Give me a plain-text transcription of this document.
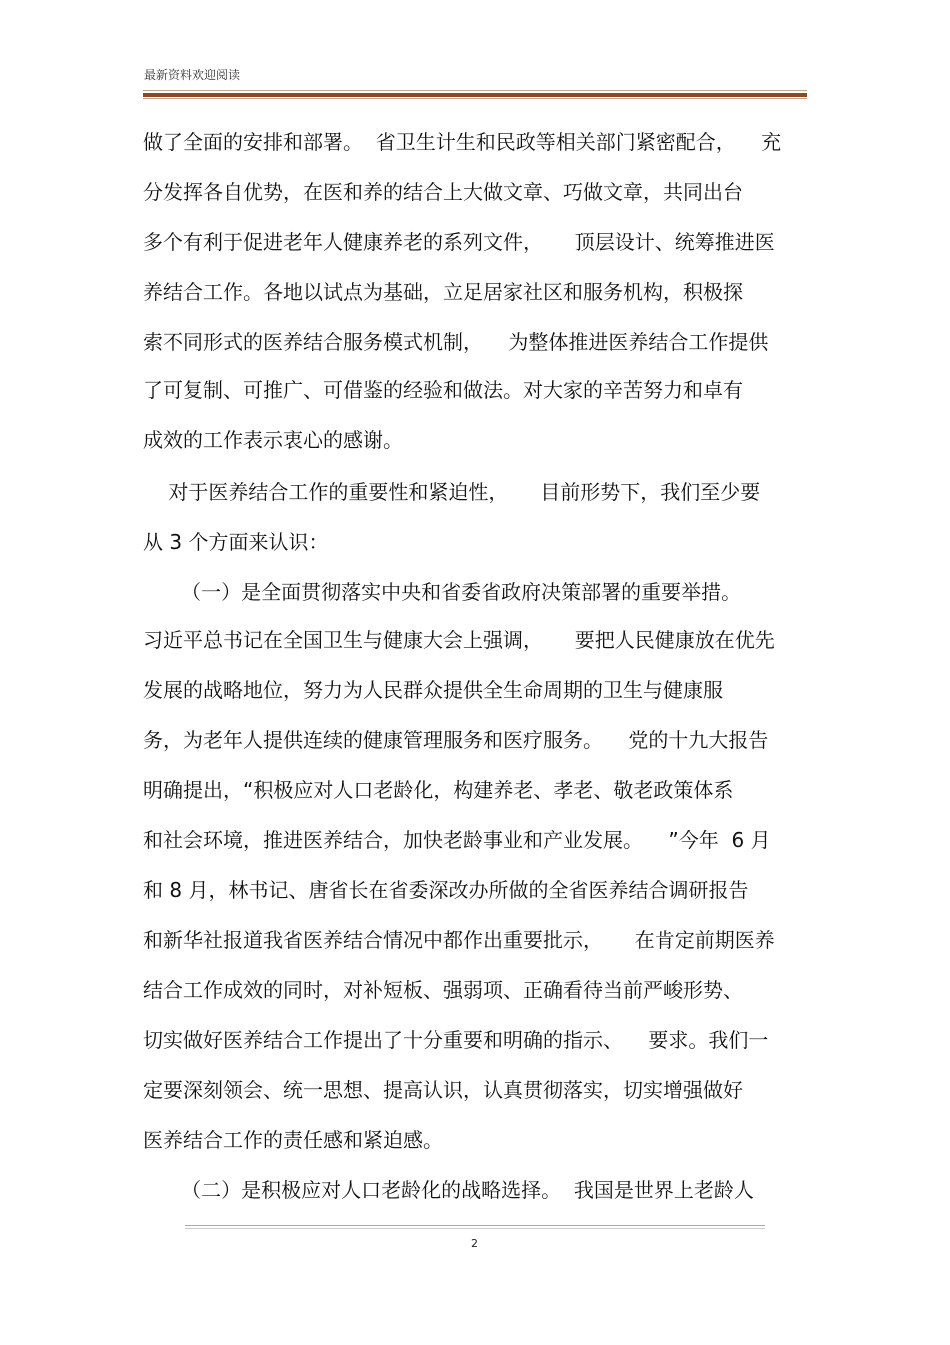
最新资料欢迎阅读
做了全面的安排和部署。  省卫生计生和民政等相关部门紧密配合，    充
分发挥各自优势，在医和养的结合上大做文章、巧做文章，共同出台
多个有利于促进老年人健康养老的系列文件，     顶层设计、统筹推进医
养结合工作。各地以试点为基础，立足居家社区和服务机构，积极探
索不同形式的医养结合服务模式机制，    为整体推进医养结合工作提供
了可复制、可推广、可借鉴的经验和做法。对大家的辛苦努力和卓有
成效的工作表示衷心的感谢。
对于医养结合工作的重要性和紧迫性，     目前形势下，我们至少要
从 3 个方面来认识：
（一）是全面贯彻落实中央和省委省政府决策部署的重要举措。
习近平总书记在全国卫生与健康大会上强调，     要把人民健康放在优先
发展的战略地位，努力为人民群众提供全生命周期的卫生与健康服
务，为老年人提供连续的健康管理服务和医疗服务。    党的十九大报告
明确提出，“积极应对人口老龄化，构建养老、孝老、敬老政策体系
和社会环境，推进医养结合，加快老龄事业和产业发展。    ”今年  6 月
和 8 月，林书记、唐省长在省委深改办所做的全省医养结合调研报告
和新华社报道我省医养结合情况中都作出重要批示，     在肯定前期医养
结合工作成效的同时，对补短板、强弱项、正确看待当前严峻形势、
切实做好医养结合工作提出了十分重要和明确的指示、    要求。我们一
定要深刻领会、统一思想、提高认识，认真贯彻落实，切实增强做好
医养结合工作的责任感和紧迫感。
（二）是积极应对人口老龄化的战略选择。  我国是世界上老龄人
2
